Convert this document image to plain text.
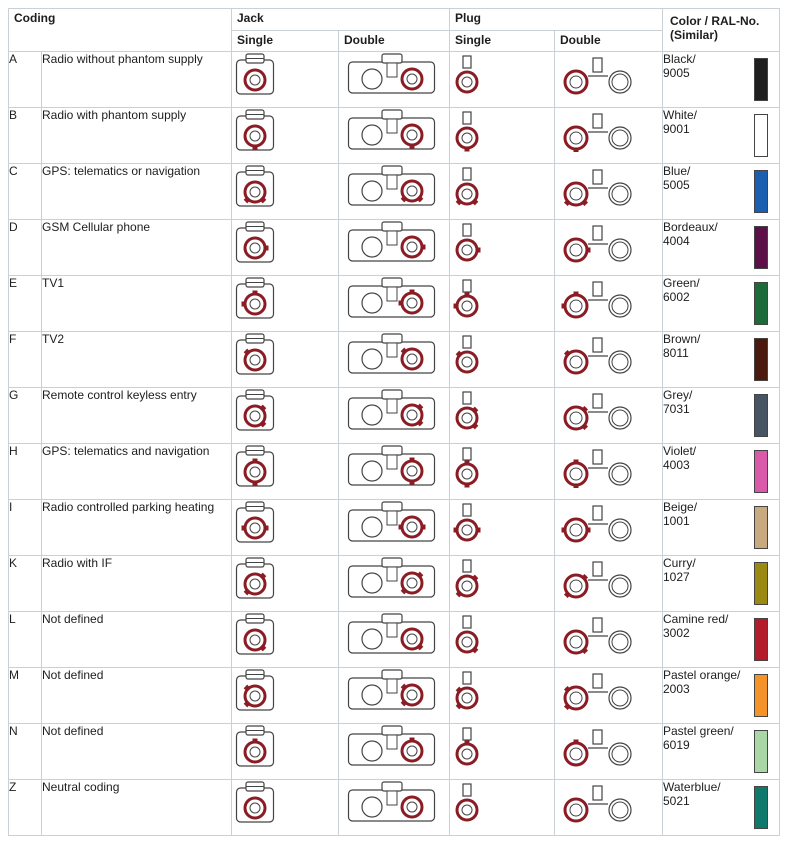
Coding		Jack		Plug		Color / RAL-No.
(Similar)

		Single	Double	Single	Double	
A	Radio without phantom supply					Black/
9005

B	Radio with phantom supply					White/
9001

C	GPS: telematics or navigation					Blue/
5005

D	GSM Cellular phone					Bordeaux/
4004

E	TV1					Green/
6002

F	TV2					Brown/
8011

G	Remote control keyless entry					Grey/
7031

H	GPS: telematics and navigation					Violet/
4003

I	Radio controlled parking heating					Beige/
1001

K	Radio with IF					Curry/
1027

L	Not defined					Camine red/
3002

M	Not defined					Pastel orange/
2003

N	Not defined					Pastel green/
6019

Z	Neutral coding					Waterblue/
5021
